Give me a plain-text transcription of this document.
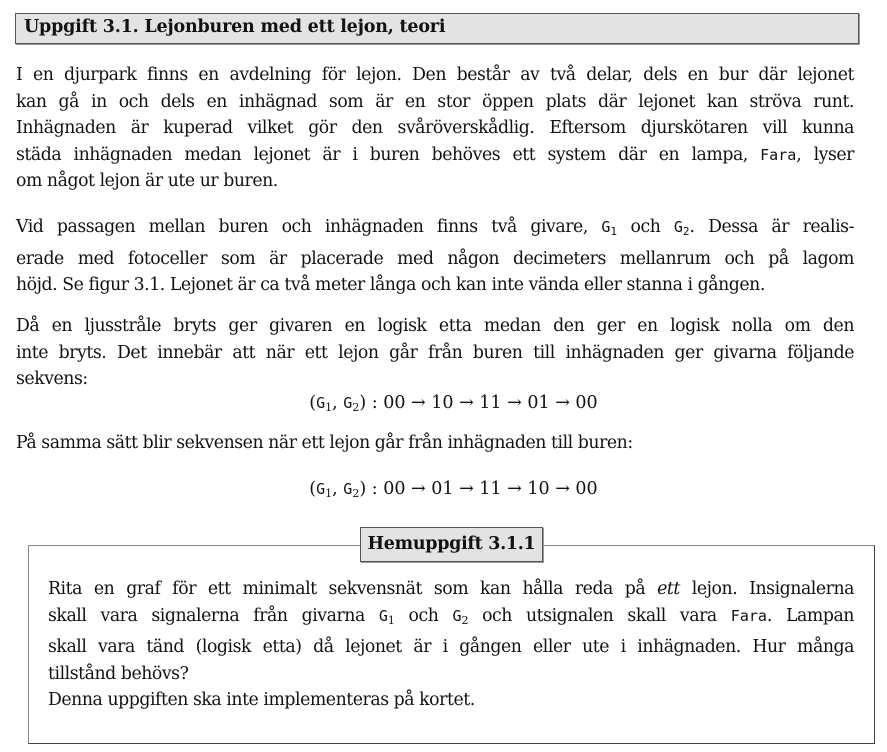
Uppgift 3.1. Lejonburen med ett lejon, teori
I en djurpark finns en avdelning för lejon. Den består av två delar, dels en bur där lejonet
kan gå in och dels en inhägnad som är en stor öppen plats där lejonet kan ströva runt.
Inhägnaden är kuperad vilket gör den svåröverskådlig. Eftersom djurskötaren vill kunna
städa inhägnaden medan lejonet är i buren behöves ett system där en lampa, Fara, lyser
om något lejon är ute ur buren.
Vid passagen mellan buren och inhägnaden finns två givare, $G_1$ och $G_2$. Dessa är realis-
erade med fotoceller som är placerade med någon decimeters mellanrum och på lagom
höjd. Se figur 3.1. Lejonet är ca två meter långa och kan inte vända eller stanna i gången.
Då en ljusstråle bryts ger givaren en logisk etta medan den ger en logisk nolla om den
inte bryts. Det innebär att när ett lejon går från buren till inhägnaden ger givarna följande
sekvens:
($G_1$, $G_2$) : 00 → 10 → 11 → 01 → 00
På samma sätt blir sekvensen när ett lejon går från inhägnaden till buren:
($G_1$, $G_2$) : 00 → 01 → 11 → 10 → 00
Hemuppgift 3.1.1
Rita en graf för ett minimalt sekvensnät som kan hålla reda på ett lejon. Insignalerna
skall vara signalerna från givarna $G_1$ och $G_2$ och utsignalen skall vara Fara. Lampan
skall vara tänd (logisk etta) då lejonet är i gången eller ute i inhägnaden. Hur många
tillstånd behövs?
Denna uppgiften ska inte implementeras på kortet.
